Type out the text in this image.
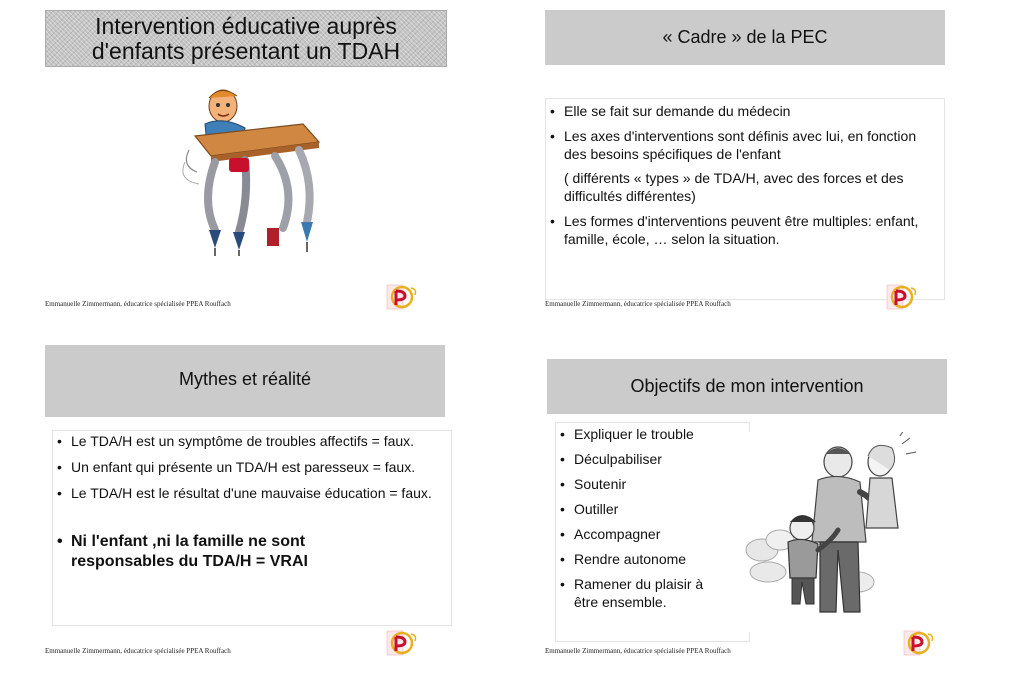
Intervention éducative auprès d'enfants présentant un TDAH
Emmanuelle Zimmermann, éducatrice spécialisée PPEA Rouffach
« Cadre » de la PEC
• Elle se fait sur demande du médecin
• Les axes d'interventions sont définis avec lui, en fonction des besoins spécifiques de l'enfant
( différents « types » de TDA/H, avec des forces et des difficultés différentes)
• Les formes d'interventions peuvent être multiples: enfant, famille, école, … selon la situation.
Emmanuelle Zimmermann, éducatrice spécialisée PPEA Rouffach
Mythes et réalité
• Le TDA/H est un symptôme de troubles affectifs = faux.
• Un enfant qui présente un TDA/H est paresseux = faux.
• Le TDA/H est le résultat d'une mauvaise éducation = faux.
• Ni l'enfant ,ni la famille ne sont responsables du TDA/H = VRAI
Emmanuelle Zimmermann, éducatrice spécialisée PPEA Rouffach
Objectifs de mon intervention
• Expliquer le trouble
• Déculpabiliser
• Soutenir
• Outiller
• Accompagner
• Rendre autonome
• Ramener du plaisir à être ensemble.
Emmanuelle Zimmermann, éducatrice spécialisée PPEA Rouffach
